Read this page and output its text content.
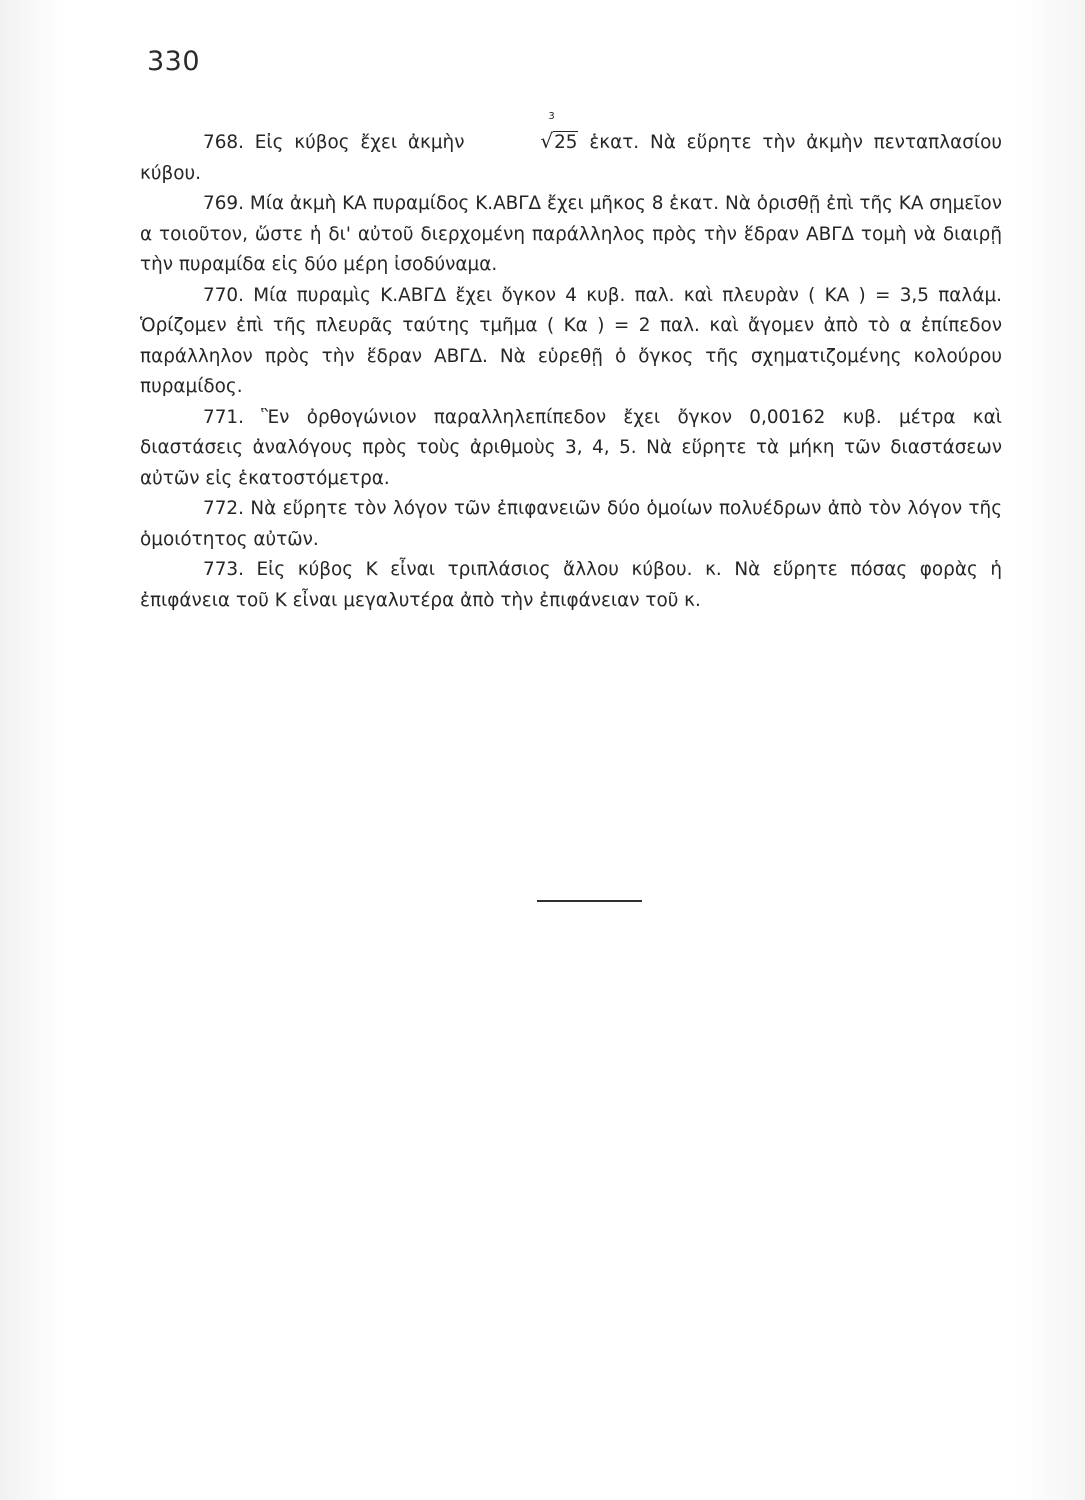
330

768. Εἰς κύβος ἔχει ἀκμὴν
3
√25 ἑκατ. Νὰ εὕρητε τὴν ἀκμὴν πενταπλασίου κύβου.

769. Μία ἀκμὴ ΚΑ πυραμίδος Κ.ΑΒΓΔ ἔχει μῆκος 8 ἑκατ. Νὰ ὁρισθῇ ἐπὶ τῆς ΚΑ σημεῖον α τοιοῦτον, ὥστε ἡ δι' αὐτοῦ διερχομένη παράλληλος πρὸς τὴν ἕδραν ΑΒΓΔ τομὴ νὰ διαιρῇ τὴν πυραμίδα εἰς δύο μέρη ἰσοδύναμα.

770. Μία πυραμὶς Κ.ΑΒΓΔ ἔχει ὄγκον 4 κυβ. παλ. καὶ πλευρὰν ( ΚΑ ) = 3,5 παλάμ. Ὁρίζομεν ἐπὶ τῆς πλευρᾶς ταύτης τμῆμα ( Κα ) = 2 παλ. καὶ ἄγομεν ἀπὸ τὸ α ἐπίπεδον παράλληλον πρὸς τὴν ἕδραν ΑΒΓΔ. Νὰ εὑρεθῇ ὁ ὄγκος τῆς σχηματιζομένης κολούρου πυραμίδος.

771. Ἓν ὀρθογώνιον παραλληλεπίπεδον ἔχει ὄγκον 0,00162 κυβ. μέτρα καὶ διαστάσεις ἀναλόγους πρὸς τοὺς ἀριθμοὺς 3, 4, 5. Νὰ εὕρητε τὰ μήκη τῶν διαστάσεων αὐτῶν εἰς ἑκατοστόμετρα.

772. Νὰ εὕρητε τὸν λόγον τῶν ἐπιφανειῶν δύο ὁμοίων πολυέδρων ἀπὸ τὸν λόγον τῆς ὁμοιότητος αὐτῶν.

773. Εἰς κύβος Κ εἶναι τριπλάσιος ἄλλου κύβου. κ. Νὰ εὕρητε πόσας φορὰς ἡ ἐπιφάνεια τοῦ Κ εἶναι μεγαλυτέρα ἀπὸ τὴν ἐπιφάνειαν τοῦ κ.
